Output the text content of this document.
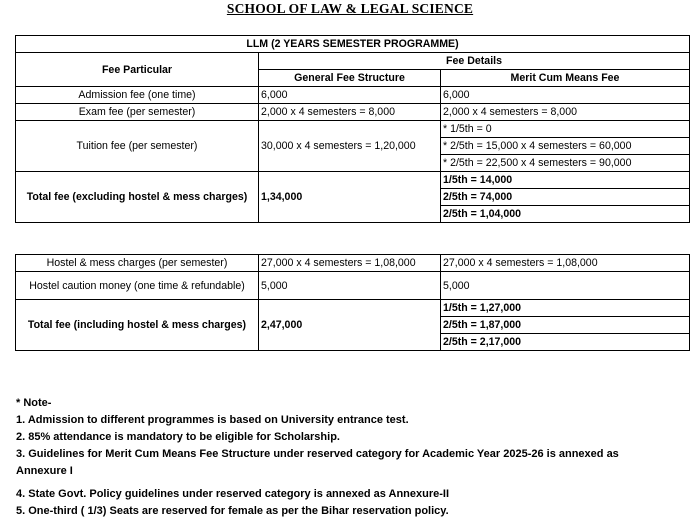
SCHOOL OF LAW & LEGAL SCIENCE
LLM (2 YEARS SEMESTER PROGRAMME)		
Fee Particular	Fee Details	
	General Fee Structure	Merit Cum Means Fee
Admission fee (one time)	6,000	6,000
Exam fee (per semester)	2,000 x 4 semesters = 8,000	2,000 x 4 semesters = 8,000
Tuition fee (per semester)	30,000 x 4 semesters = 1,20,000	* 1/5th = 0
		* 2/5th = 15,000 x 4 semesters = 60,000
		* 2/5th = 22,500 x 4 semesters = 90,000
Total fee (excluding hostel & mess charges)	1,34,000	1/5th = 14,000
		2/5th = 74,000
		2/5th = 1,04,000
Hostel & mess charges (per semester)	27,000 x 4 semesters = 1,08,000	27,000 x 4 semesters = 1,08,000
Hostel caution money (one time & refundable)	5,000	5,000
Total fee (including hostel & mess charges)	2,47,000	1/5th = 1,27,000
		2/5th = 1,87,000
		2/5th = 2,17,000
* Note-
1. Admission to different programmes is based on University entrance test.
2. 85% attendance is mandatory to be eligible for Scholarship.
3. Guidelines for Merit Cum Means Fee Structure under reserved category for Academic Year 2025-26 is annexed as
Annexure I
4. State Govt. Policy guidelines under reserved category is annexed as Annexure-II
5. One-third ( 1/3) Seats are reserved for female as per the Bihar reservation policy.
